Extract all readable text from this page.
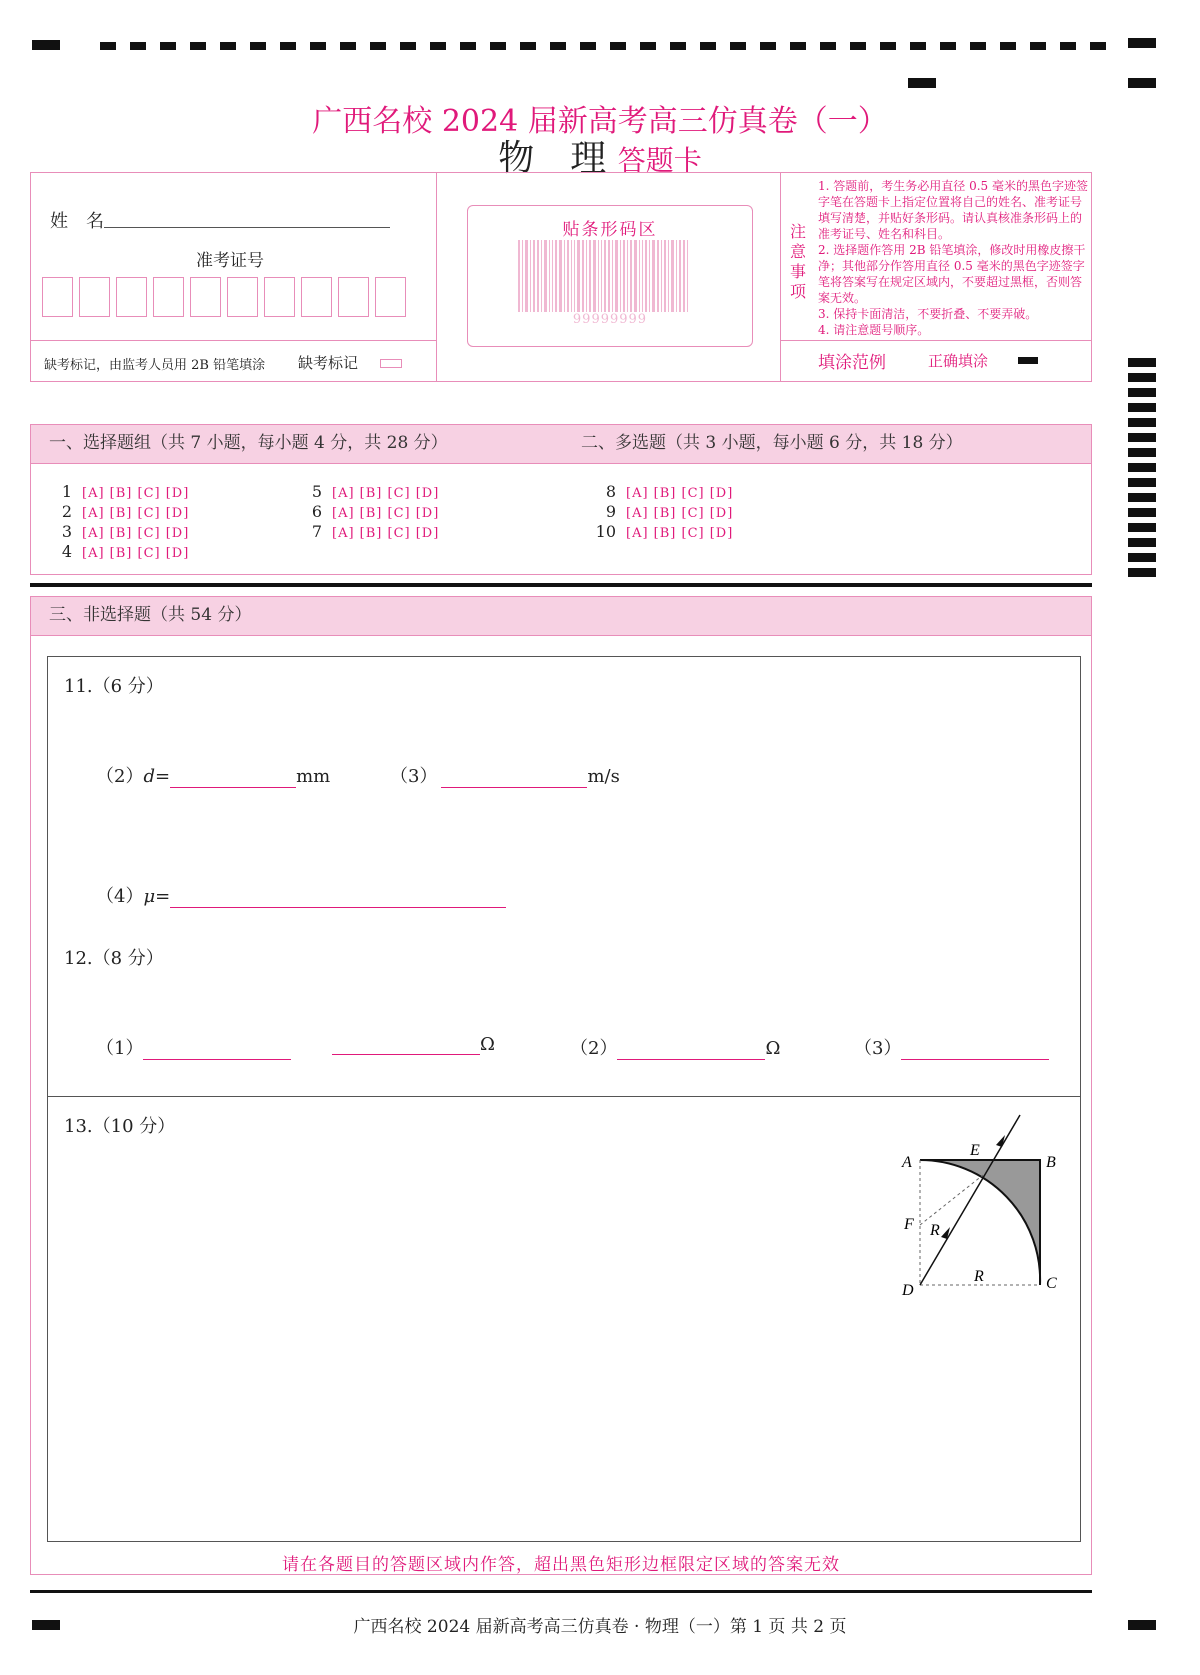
广西名校 2024 届新高考高三仿真卷（一）
物　理 答题卡
姓　名
准考证号
缺考标记，由监考人员用 2B 铅笔填涂 缺考标记
贴条形码区
99999999
注意事项
1. 答题前，考生务必用直径 0.5 毫米的黑色字迹签字笔在答题卡上指定位置将自己的姓名、准考证号填写清楚，并贴好条形码。请认真核准条形码上的准考证号、姓名和科目。
2. 选择题作答用 2B 铅笔填涂，修改时用橡皮擦干净；其他部分作答用直径 0.5 毫米的黑色字迹签字笔将答案写在规定区域内，不要超过黑框，否则答案无效。
3. 保持卡面清洁，不要折叠、不要弄破。
4. 请注意题号顺序。
填涂范例	正确填涂
一、选择题组（共 7 小题，每小题 4 分，共 28 分）	二、多选题（共 3 小题，每小题 6 分，共 18 分）
1 [A] [B] [C] [D]
2 [A] [B] [C] [D]
3 [A] [B] [C] [D]
4 [A] [B] [C] [D]
5 [A] [B] [C] [D]
6 [A] [B] [C] [D]
7 [A] [B] [C] [D]
8 [A] [B] [C] [D]
9 [A] [B] [C] [D]
10 [A] [B] [C] [D]
三、非选择题（共 54 分）
11.（6 分）
（2）d=	mm	（3）	m/s
（4）μ=
12.（8 分）
（1）	Ω	（2）	Ω	（3）
13.（10 分）
A	B
C
D
E
F R
R
请在各题目的答题区域内作答，超出黑色矩形边框限定区域的答案无效
广西名校 2024 届新高考高三仿真卷 · 物理（一）第 1 页 共 2 页
